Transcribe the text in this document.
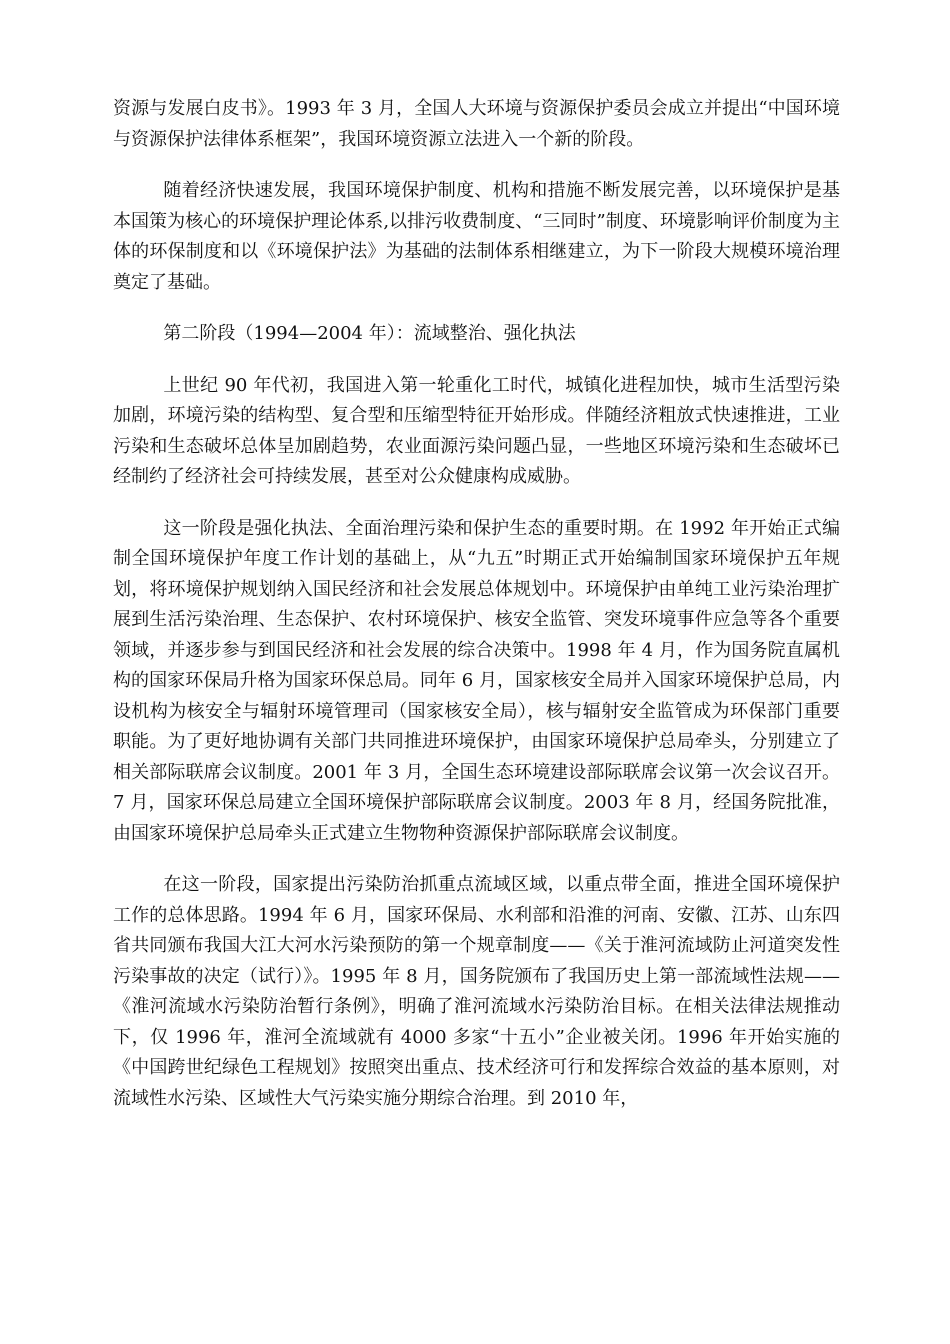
资源与发展白皮书》。1993 年 3 月，全国人大环境与资源保护委员会成立并提出“中国环境与资源保护法律体系框架”，我国环境资源立法进入一个新的阶段。

随着经济快速发展，我国环境保护制度、机构和措施不断发展完善，以环境保护是基本国策为核心的环境保护理论体系,以排污收费制度、“三同时”制度、环境影响评价制度为主体的环保制度和以《环境保护法》为基础的法制体系相继建立，为下一阶段大规模环境治理奠定了基础。

第二阶段（1994—2004 年）：流域整治、强化执法

上世纪 90 年代初，我国进入第一轮重化工时代，城镇化进程加快，城市生活型污染加剧，环境污染的结构型、复合型和压缩型特征开始形成。伴随经济粗放式快速推进，工业污染和生态破坏总体呈加剧趋势，农业面源污染问题凸显，一些地区环境污染和生态破坏已经制约了经济社会可持续发展，甚至对公众健康构成威胁。

这一阶段是强化执法、全面治理污染和保护生态的重要时期。在 1992 年开始正式编制全国环境保护年度工作计划的基础上，从“九五”时期正式开始编制国家环境保护五年规划，将环境保护规划纳入国民经济和社会发展总体规划中。环境保护由单纯工业污染治理扩展到生活污染治理、生态保护、农村环境保护、核安全监管、突发环境事件应急等各个重要领域，并逐步参与到国民经济和社会发展的综合决策中。1998 年 4 月，作为国务院直属机构的国家环保局升格为国家环保总局。同年 6 月，国家核安全局并入国家环境保护总局，内设机构为核安全与辐射环境管理司（国家核安全局），核与辐射安全监管成为环保部门重要职能。为了更好地协调有关部门共同推进环境保护，由国家环境保护总局牵头，分别建立了相关部际联席会议制度。2001 年 3 月，全国生态环境建设部际联席会议第一次会议召开。7 月，国家环保总局建立全国环境保护部际联席会议制度。2003 年 8 月，经国务院批准，由国家环境保护总局牵头正式建立生物物种资源保护部际联席会议制度。

在这一阶段，国家提出污染防治抓重点流域区域，以重点带全面，推进全国环境保护工作的总体思路。1994 年 6 月，国家环保局、水利部和沿淮的河南、安徽、江苏、山东四省共同颁布我国大江大河水污染预防的第一个规章制度——《关于淮河流域防止河道突发性污染事故的决定（试行）》。1995 年 8 月，国务院颁布了我国历史上第一部流域性法规——《淮河流域水污染防治暂行条例》，明确了淮河流域水污染防治目标。在相关法律法规推动下，仅 1996 年，淮河全流域就有 4000 多家“十五小”企业被关闭。1996 年开始实施的《中国跨世纪绿色工程规划》按照突出重点、技术经济可行和发挥综合效益的基本原则，对流域性水污染、区域性大气污染实施分期综合治理。到 2010 年，
